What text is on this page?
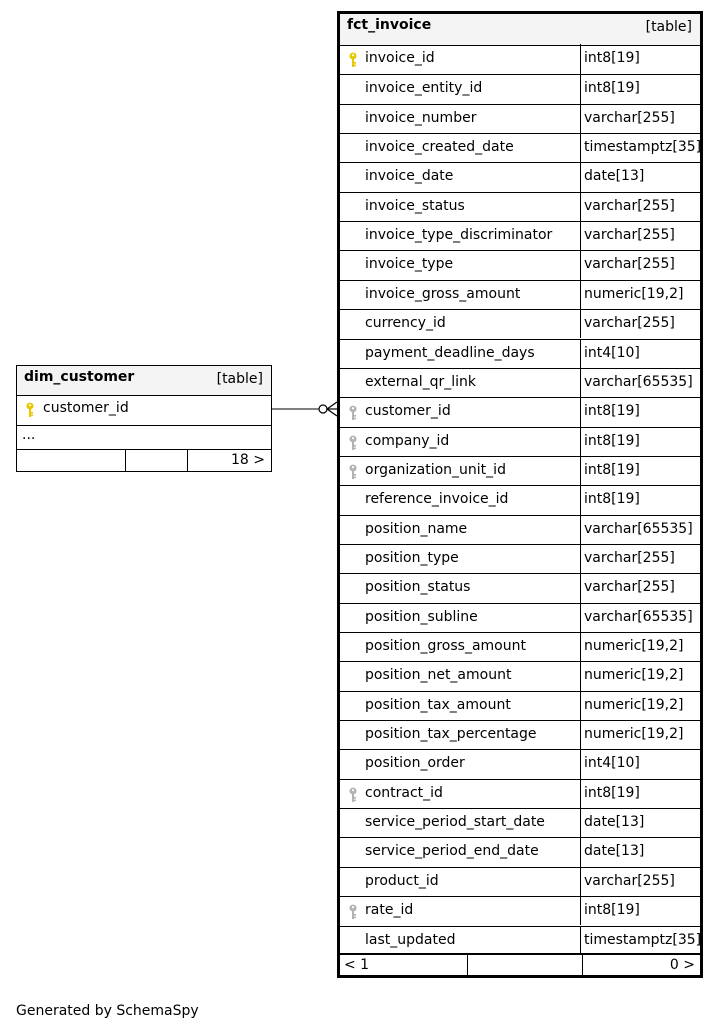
dim_customer	[table]
customer_id
...
18 >
fct_invoice	[table]
invoice_id	int8[19]
invoice_entity_id	int8[19]
invoice_number	varchar[255]
invoice_created_date	timestamptz[35]
invoice_date	date[13]
invoice_status	varchar[255]
invoice_type_discriminator varchar[255]
invoice_type	varchar[255]
invoice_gross_amount	numeric[19,2]
currency_id	varchar[255]
payment_deadline_days	int4[10]
external_qr_link	varchar[65535]
customer_id	int8[19]
company_id	int8[19]
organization_unit_id	int8[19]
reference_invoice_id	int8[19]
position_name	varchar[65535]
position_type	varchar[255]
position_status	varchar[255]
position_subline	varchar[65535]
position_gross_amount	numeric[19,2]
position_net_amount	numeric[19,2]
position_tax_amount	numeric[19,2]
position_tax_percentage	numeric[19,2]
position_order	int4[10]
contract_id	int8[19]
service_period_start_date	date[13]
service_period_end_date	date[13]
product_id	varchar[255]
rate_id	int8[19]
last_updated	timestamptz[35]
< 1	0 >
Generated by SchemaSpy
